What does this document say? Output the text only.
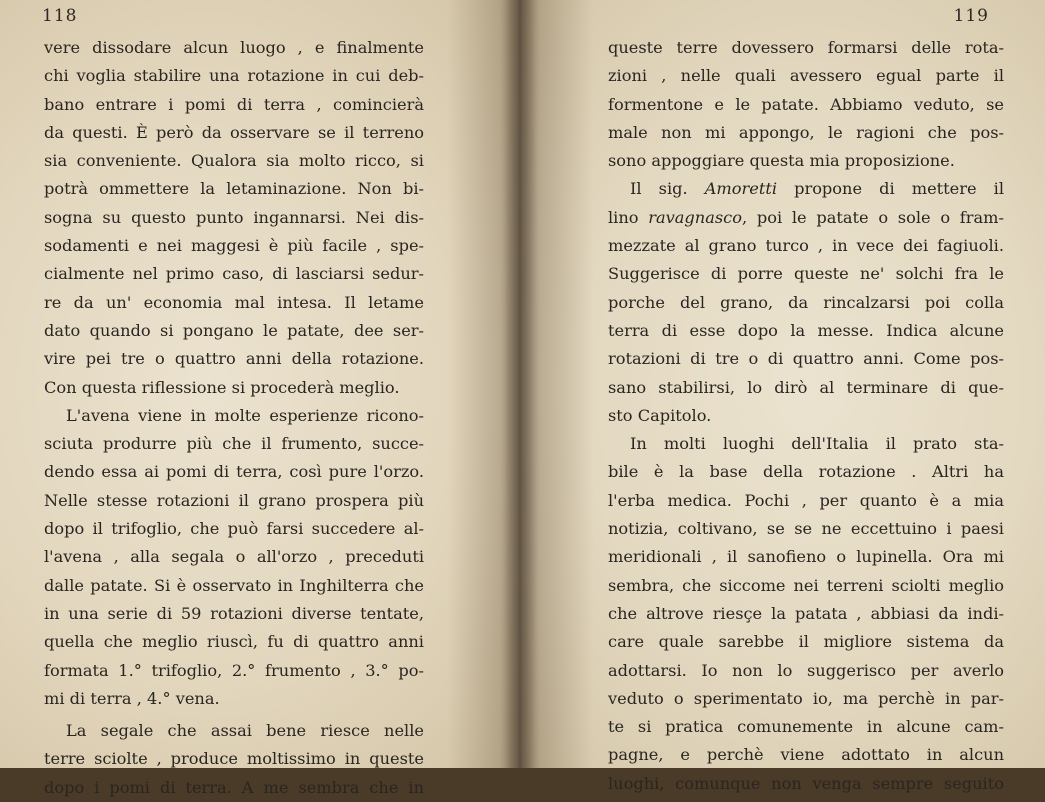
118
vere dissodare alcun luogo , e finalmente
chi voglia stabilire una rotazione in cui deb-
bano entrare i pomi di terra , comincierà
da questi. È però da osservare se il terreno
sia conveniente. Qualora sia molto ricco, si
potrà ommettere la letaminazione. Non bi-
sogna su questo punto ingannarsi. Nei dis-
sodamenti e nei maggesi è più facile , spe-
cialmente nel primo caso, di lasciarsi sedur-
re da un' economia mal intesa. Il letame
dato quando si pongano le patate, dee ser-
vire pei tre o quattro anni della rotazione.
Con questa riflessione si procederà meglio.
L'avena viene in molte esperienze ricono-
sciuta produrre più che il frumento, succe-
dendo essa ai pomi di terra, così pure l'orzo.
Nelle stesse rotazioni il grano prospera più
dopo il trifoglio, che può farsi succedere al-
l'avena , alla segala o all'orzo , preceduti
dalle patate. Si è osservato in Inghilterra che
in una serie di 59 rotazioni diverse tentate,
quella che meglio riuscì, fu di quattro anni
formata 1.° trifoglio, 2.° frumento , 3.° po-
mi di terra , 4.° vena.
La segale che assai bene riesce nelle
terre sciolte , produce moltissimo in queste
dopo i pomi di terra. A me sembra che in
119
queste terre dovessero formarsi delle rota-
zioni , nelle quali avessero egual parte il
formentone e le patate. Abbiamo veduto, se
male non mi appongo, le ragioni che pos-
sono appoggiare questa mia proposizione.
Il sig. Amoretti propone di mettere il
lino ravagnasco, poi le patate o sole o fram-
mezzate al grano turco , in vece dei fagiuoli.
Suggerisce di porre queste ne' solchi fra le
porche del grano, da rincalzarsi poi colla
terra di esse dopo la messe. Indica alcune
rotazioni di tre o di quattro anni. Come pos-
sano stabilirsi, lo dirò al terminare di que-
sto Capitolo.
In molti luoghi dell'Italia il prato sta-
bile è la base della rotazione . Altri ha
l'erba medica. Pochi , per quanto è a mia
notizia, coltivano, se se ne eccettuino i paesi
meridionali , il sanofieno o lupinella. Ora mi
sembra, che siccome nei terreni sciolti meglio
che altrove riesçe la patata , abbiasi da indi-
care quale sarebbe il migliore sistema da
adottarsi. Io non lo suggerisco per averlo
veduto o sperimentato io, ma perchè in par-
te si pratica comunemente in alcune cam-
pagne, e perchè viene adottato in alcun
luoghi, comunque non venga sempre seguito
